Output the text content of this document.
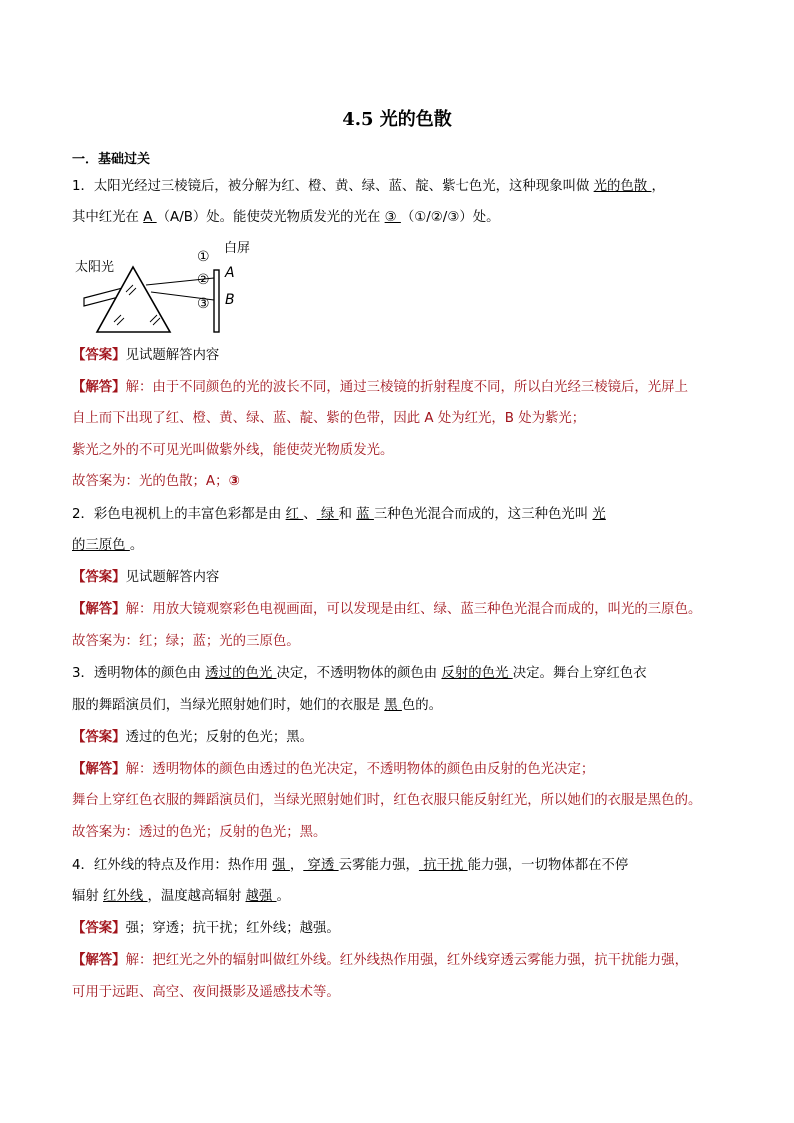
4.5 光的色散
一．基础过关
1．太阳光经过三棱镜后，被分解为红、橙、黄、绿、蓝、靛、紫七色光，这种现象叫做 光的色散 ，
其中红光在 A （A/B）处。能使荧光物质发光的光在 ③ （①/②/③）处。
太阳光
白屏
①
②
③
A
B
【答案】见试题解答内容
【解答】解：由于不同颜色的光的波长不同，通过三棱镜的折射程度不同，所以白光经三棱镜后，光屏上
自上而下出现了红、橙、黄、绿、蓝、靛、紫的色带，因此 A 处为红光，B 处为紫光；
紫光之外的不可见光叫做紫外线，能使荧光物质发光。
故答案为：光的色散；A；③
2．彩色电视机上的丰富色彩都是由 红 、 绿 和 蓝 三种色光混合而成的，这三种色光叫 光
的三原色 。
【答案】见试题解答内容
【解答】解：用放大镜观察彩色电视画面，可以发现是由红、绿、蓝三种色光混合而成的，叫光的三原色。
故答案为：红；绿；蓝；光的三原色。
3．透明物体的颜色由 透过的色光 决定，不透明物体的颜色由 反射的色光 决定。舞台上穿红色衣
服的舞蹈演员们，当绿光照射她们时，她们的衣服是 黑 色的。
【答案】透过的色光；反射的色光；黑。
【解答】解：透明物体的颜色由透过的色光决定，不透明物体的颜色由反射的色光决定；
舞台上穿红色衣服的舞蹈演员们，当绿光照射她们时，红色衣服只能反射红光，所以她们的衣服是黑色的。
故答案为：透过的色光；反射的色光；黑。
4．红外线的特点及作用：热作用 强 ， 穿透 云雾能力强， 抗干扰 能力强，一切物体都在不停
辐射 红外线 ，温度越高辐射 越强 。
【答案】强；穿透；抗干扰；红外线；越强。
【解答】解：把红光之外的辐射叫做红外线。红外线热作用强，红外线穿透云雾能力强，抗干扰能力强，
可用于远距、高空、夜间摄影及遥感技术等。
